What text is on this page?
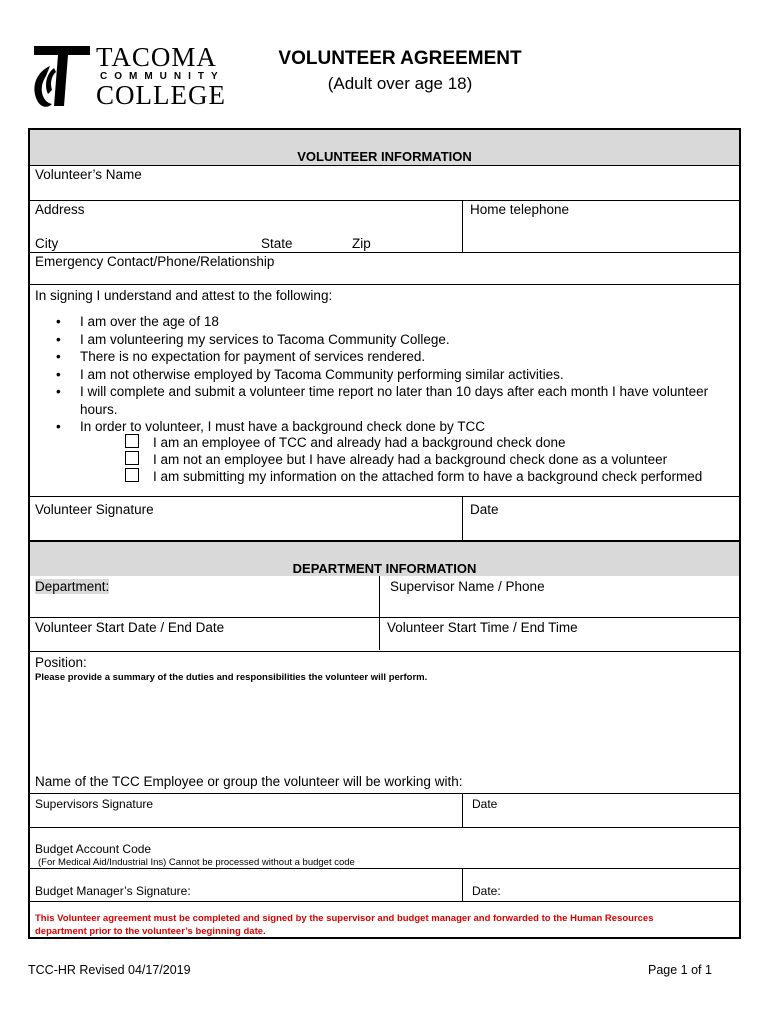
TACOMA
COMMUNITY
COLLEGE
VOLUNTEER AGREEMENT
(Adult over age 18)
VOLUNTEER INFORMATION
Volunteer’s Name
Address	Home telephone
City	State	Zip
Emergency Contact/Phone/Relationship
In signing I understand and attest to the following:
• I am over the age of 18
• I am volunteering my services to Tacoma Community College.
• There is no expectation for payment of services rendered.
• I am not otherwise employed by Tacoma Community performing similar activities.
• I will complete and submit a volunteer time report no later than 10 days after each month I have volunteer hours.
• In order to volunteer, I must have a background check done by TCC
I am an employee of TCC and already had a background check done
I am not an employee but I have already had a background check done as a volunteer
I am submitting my information on the attached form to have a background check performed
Volunteer Signature	Date
DEPARTMENT INFORMATION
Department:	Supervisor Name / Phone
Volunteer Start Date / End Date	Volunteer Start Time / End Time
Position:
Please provide a summary of the duties and responsibilities the volunteer will perform.
Name of the TCC Employee or group the volunteer will be working with:
Supervisors Signature	Date
Budget Account Code
(For Medical Aid/Industrial Ins) Cannot be processed without a budget code
Budget Manager’s Signature:	Date:
This Volunteer agreement must be completed and signed by the supervisor and budget manager and forwarded to the Human Resources
department prior to the volunteer’s beginning date.
TCC-HR Revised 04/17/2019	Page 1 of 1
